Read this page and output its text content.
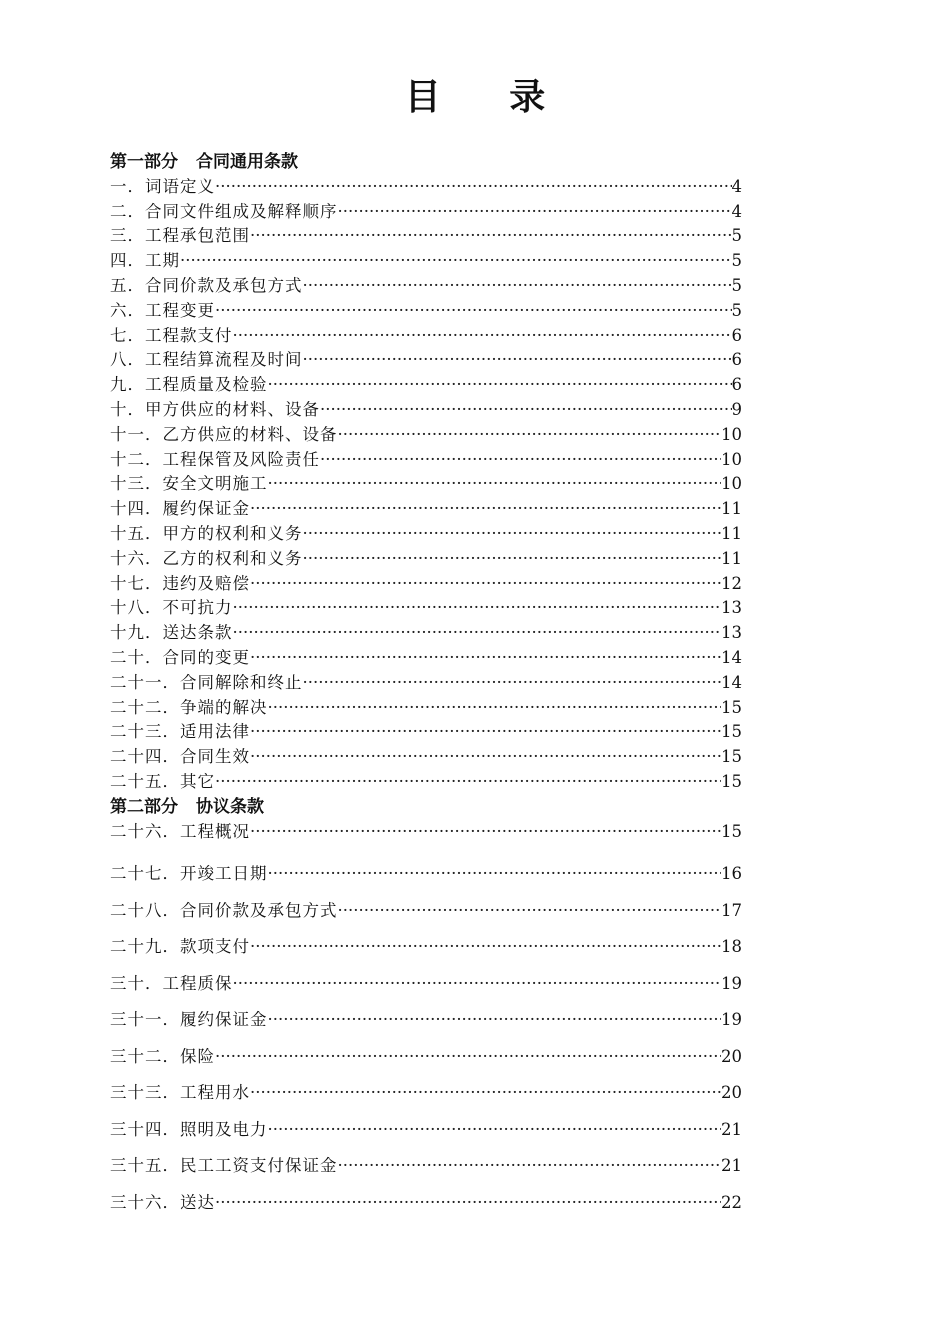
目 录
第一部分 合同通用条款
一．词语定义 ·····	4
二．合同文件组成及解释顺序 ·····	4
三．工程承包范围 ·····	5
四．工期 ·····	5
五．合同价款及承包方式 ·····	5
六．工程变更 ·····	5
七．工程款支付 ·····	6
八．工程结算流程及时间 ·····	6
九．工程质量及检验 ·····	6
十．甲方供应的材料、设备 ·····	9
十一．乙方供应的材料、设备 ·····	10
十二．工程保管及风险责任 ·····	10
十三．安全文明施工 ·····	10
十四．履约保证金 ·····	11
十五．甲方的权利和义务 ·····	11
十六．乙方的权利和义务 ·····	11
十七．违约及赔偿 ·····	12
十八．不可抗力 ·····	13
十九．送达条款 ·····	13
二十．合同的变更 ·····	14
二十一．合同解除和终止 ·····	14
二十二．争端的解决 ·····	15
二十三．适用法律 ·····	15
二十四．合同生效 ·····	15
二十五．其它 ·····	15
第二部分 协议条款
二十六．工程概况 ·····	15
二十七．开竣工日期 ·····	16
二十八．合同价款及承包方式 ·····	17
二十九．款项支付 ·····	18
三十．工程质保 ·····	19
三十一．履约保证金 ·····	19
三十二．保险 ·····	20
三十三．工程用水 ·····	20
三十四．照明及电力 ·····	21
三十五．民工工资支付保证金 ·····	21
三十六．送达 ·····	22
